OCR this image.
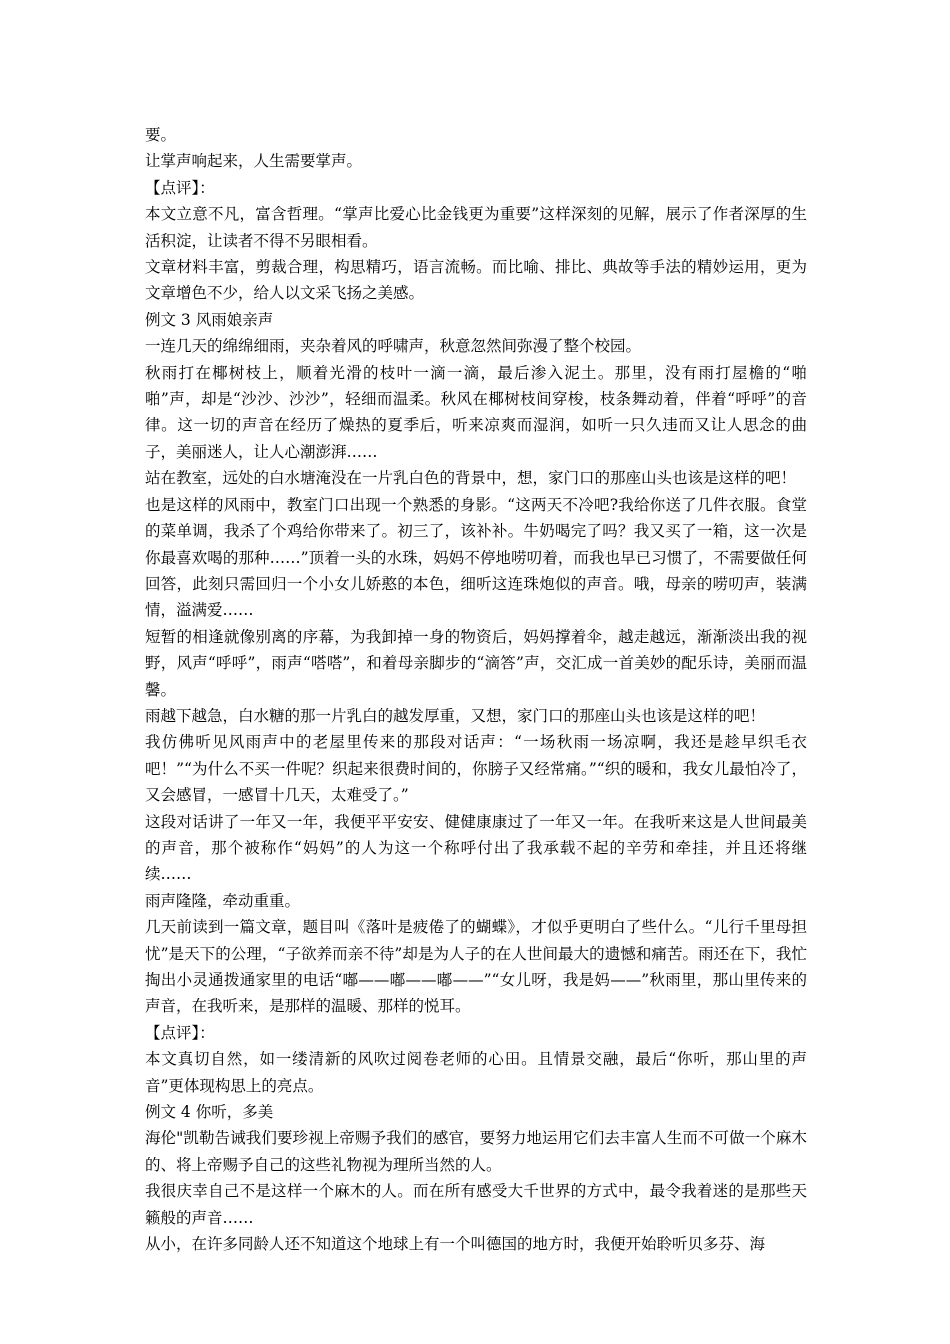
要。

让掌声响起来，人生需要掌声。

【点评】：

本文立意不凡，富含哲理。“掌声比爱心比金钱更为重要”这样深刻的见解，展示了作者深厚的生活积淀，让读者不得不另眼相看。

文章材料丰富，剪裁合理，构思精巧，语言流畅。而比喻、排比、典故等手法的精妙运用，更为文章增色不少，给人以文采飞扬之美感。

例文 3 风雨娘亲声

一连几天的绵绵细雨，夹杂着风的呼啸声，秋意忽然间弥漫了整个校园。

秋雨打在椰树枝上，顺着光滑的枝叶一滴一滴，最后渗入泥土。那里，没有雨打屋檐的“啪啪”声，却是“沙沙、沙沙”，轻细而温柔。秋风在椰树枝间穿梭，枝条舞动着，伴着“呼呼”的音律。这一切的声音在经历了燥热的夏季后，听来凉爽而湿润，如听一只久违而又让人思念的曲子，美丽迷人，让人心潮澎湃……

站在教室，远处的白水塘淹没在一片乳白色的背景中，想，家门口的那座山头也该是这样的吧！

也是这样的风雨中，教室门口出现一个熟悉的身影。“这两天不冷吧?我给你送了几件衣服。食堂的菜单调，我杀了个鸡给你带来了。初三了，该补补。牛奶喝完了吗？我又买了一箱，这一次是你最喜欢喝的那种……”顶着一头的水珠，妈妈不停地唠叨着，而我也早已习惯了，不需要做任何回答，此刻只需回归一个小女儿娇憨的本色，细听这连珠炮似的声音。哦，母亲的唠叨声，装满情，溢满爱……

短暂的相逢就像别离的序幕，为我卸掉一身的物资后，妈妈撑着伞，越走越远，渐渐淡出我的视野，风声“呼呼”，雨声“嗒嗒”，和着母亲脚步的“滴答”声，交汇成一首美妙的配乐诗，美丽而温馨。

雨越下越急，白水糖的那一片乳白的越发厚重，又想，家门口的那座山头也该是这样的吧！

我仿佛听见风雨声中的老屋里传来的那段对话声：“一场秋雨一场凉啊，我还是趁早织毛衣吧！”“为什么不买一件呢？织起来很费时间的，你膀子又经常痛。”“织的暖和，我女儿最怕冷了，又会感冒，一感冒十几天，太难受了。”

这段对话讲了一年又一年，我便平平安安、健健康康过了一年又一年。在我听来这是人世间最美的声音，那个被称作“妈妈”的人为这一个称呼付出了我承载不起的辛劳和牵挂，并且还将继续……

雨声隆隆，牵动重重。

几天前读到一篇文章，题目叫《落叶是疲倦了的蝴蝶》，才似乎更明白了些什么。“儿行千里母担忧”是天下的公理，“子欲养而亲不待”却是为人子的在人世间最大的遗憾和痛苦。雨还在下，我忙掏出小灵通拨通家里的电话“嘟——嘟——嘟——”“女儿呀，我是妈——”秋雨里，那山里传来的声音，在我听来，是那样的温暖、那样的悦耳。

【点评】：

本文真切自然，如一缕清新的风吹过阅卷老师的心田。且情景交融，最后“你听，那山里的声音”更体现构思上的亮点。

例文 4 你听，多美

海伦"凯勒告诫我们要珍视上帝赐予我们的感官，要努力地运用它们去丰富人生而不可做一个麻木的、将上帝赐予自己的这些礼物视为理所当然的人。

我很庆幸自己不是这样一个麻木的人。而在所有感受大千世界的方式中，最令我着迷的是那些天籁般的声音……

从小，在许多同龄人还不知道这个地球上有一个叫德国的地方时，我便开始聆听贝多芬、海
